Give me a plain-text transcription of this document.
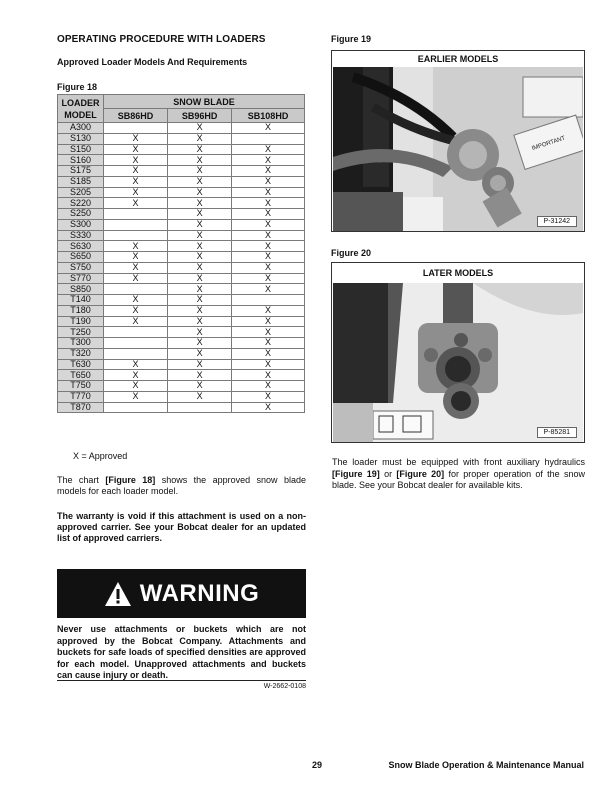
OPERATING PROCEDURE WITH LOADERS
Approved Loader Models And Requirements
Figure 18
LOADER
MODEL	SNOW BLADE		
	SB86HD	SB96HD	SB108HD
A300		X	X
S130	X	X	
S150	X	X	X
S160	X	X	X
S175	X	X	X
S185	X	X	X
S205	X	X	X
S220	X	X	X
S250		X	X
S300		X	X
S330		X	X
S630	X	X	X
S650	X	X	X
S750	X	X	X
S770	X	X	X
S850		X	X
T140	X	X	
T180	X	X	X
T190	X	X	X
T250		X	X
T300		X	X
T320		X	X
T630	X	X	X
T650	X	X	X
T750	X	X	X
T770	X	X	X
T870			X
X = Approved
The chart [Figure 18] shows the approved snow blade models for each loader model.
The warranty is void if this attachment is used on a non-approved carrier. See your Bobcat dealer for an updated list of approved carriers.
WARNING
Never use attachments or buckets which are not approved by the Bobcat Company. Attachments and buckets for safe loads of specified densities are approved for each model. Unapproved attachments and buckets can cause injury or death.
W-2662-0108
Figure 19
EARLIER MODELS
IMPORTANT
P-31242
Figure 20
LATER MODELS
P-85281
The loader must be equipped with front auxiliary hydraulics [Figure 19] or [Figure 20] for proper operation of the snow blade. See your Bobcat dealer for available kits.
29	Snow Blade Operation & Maintenance Manual
